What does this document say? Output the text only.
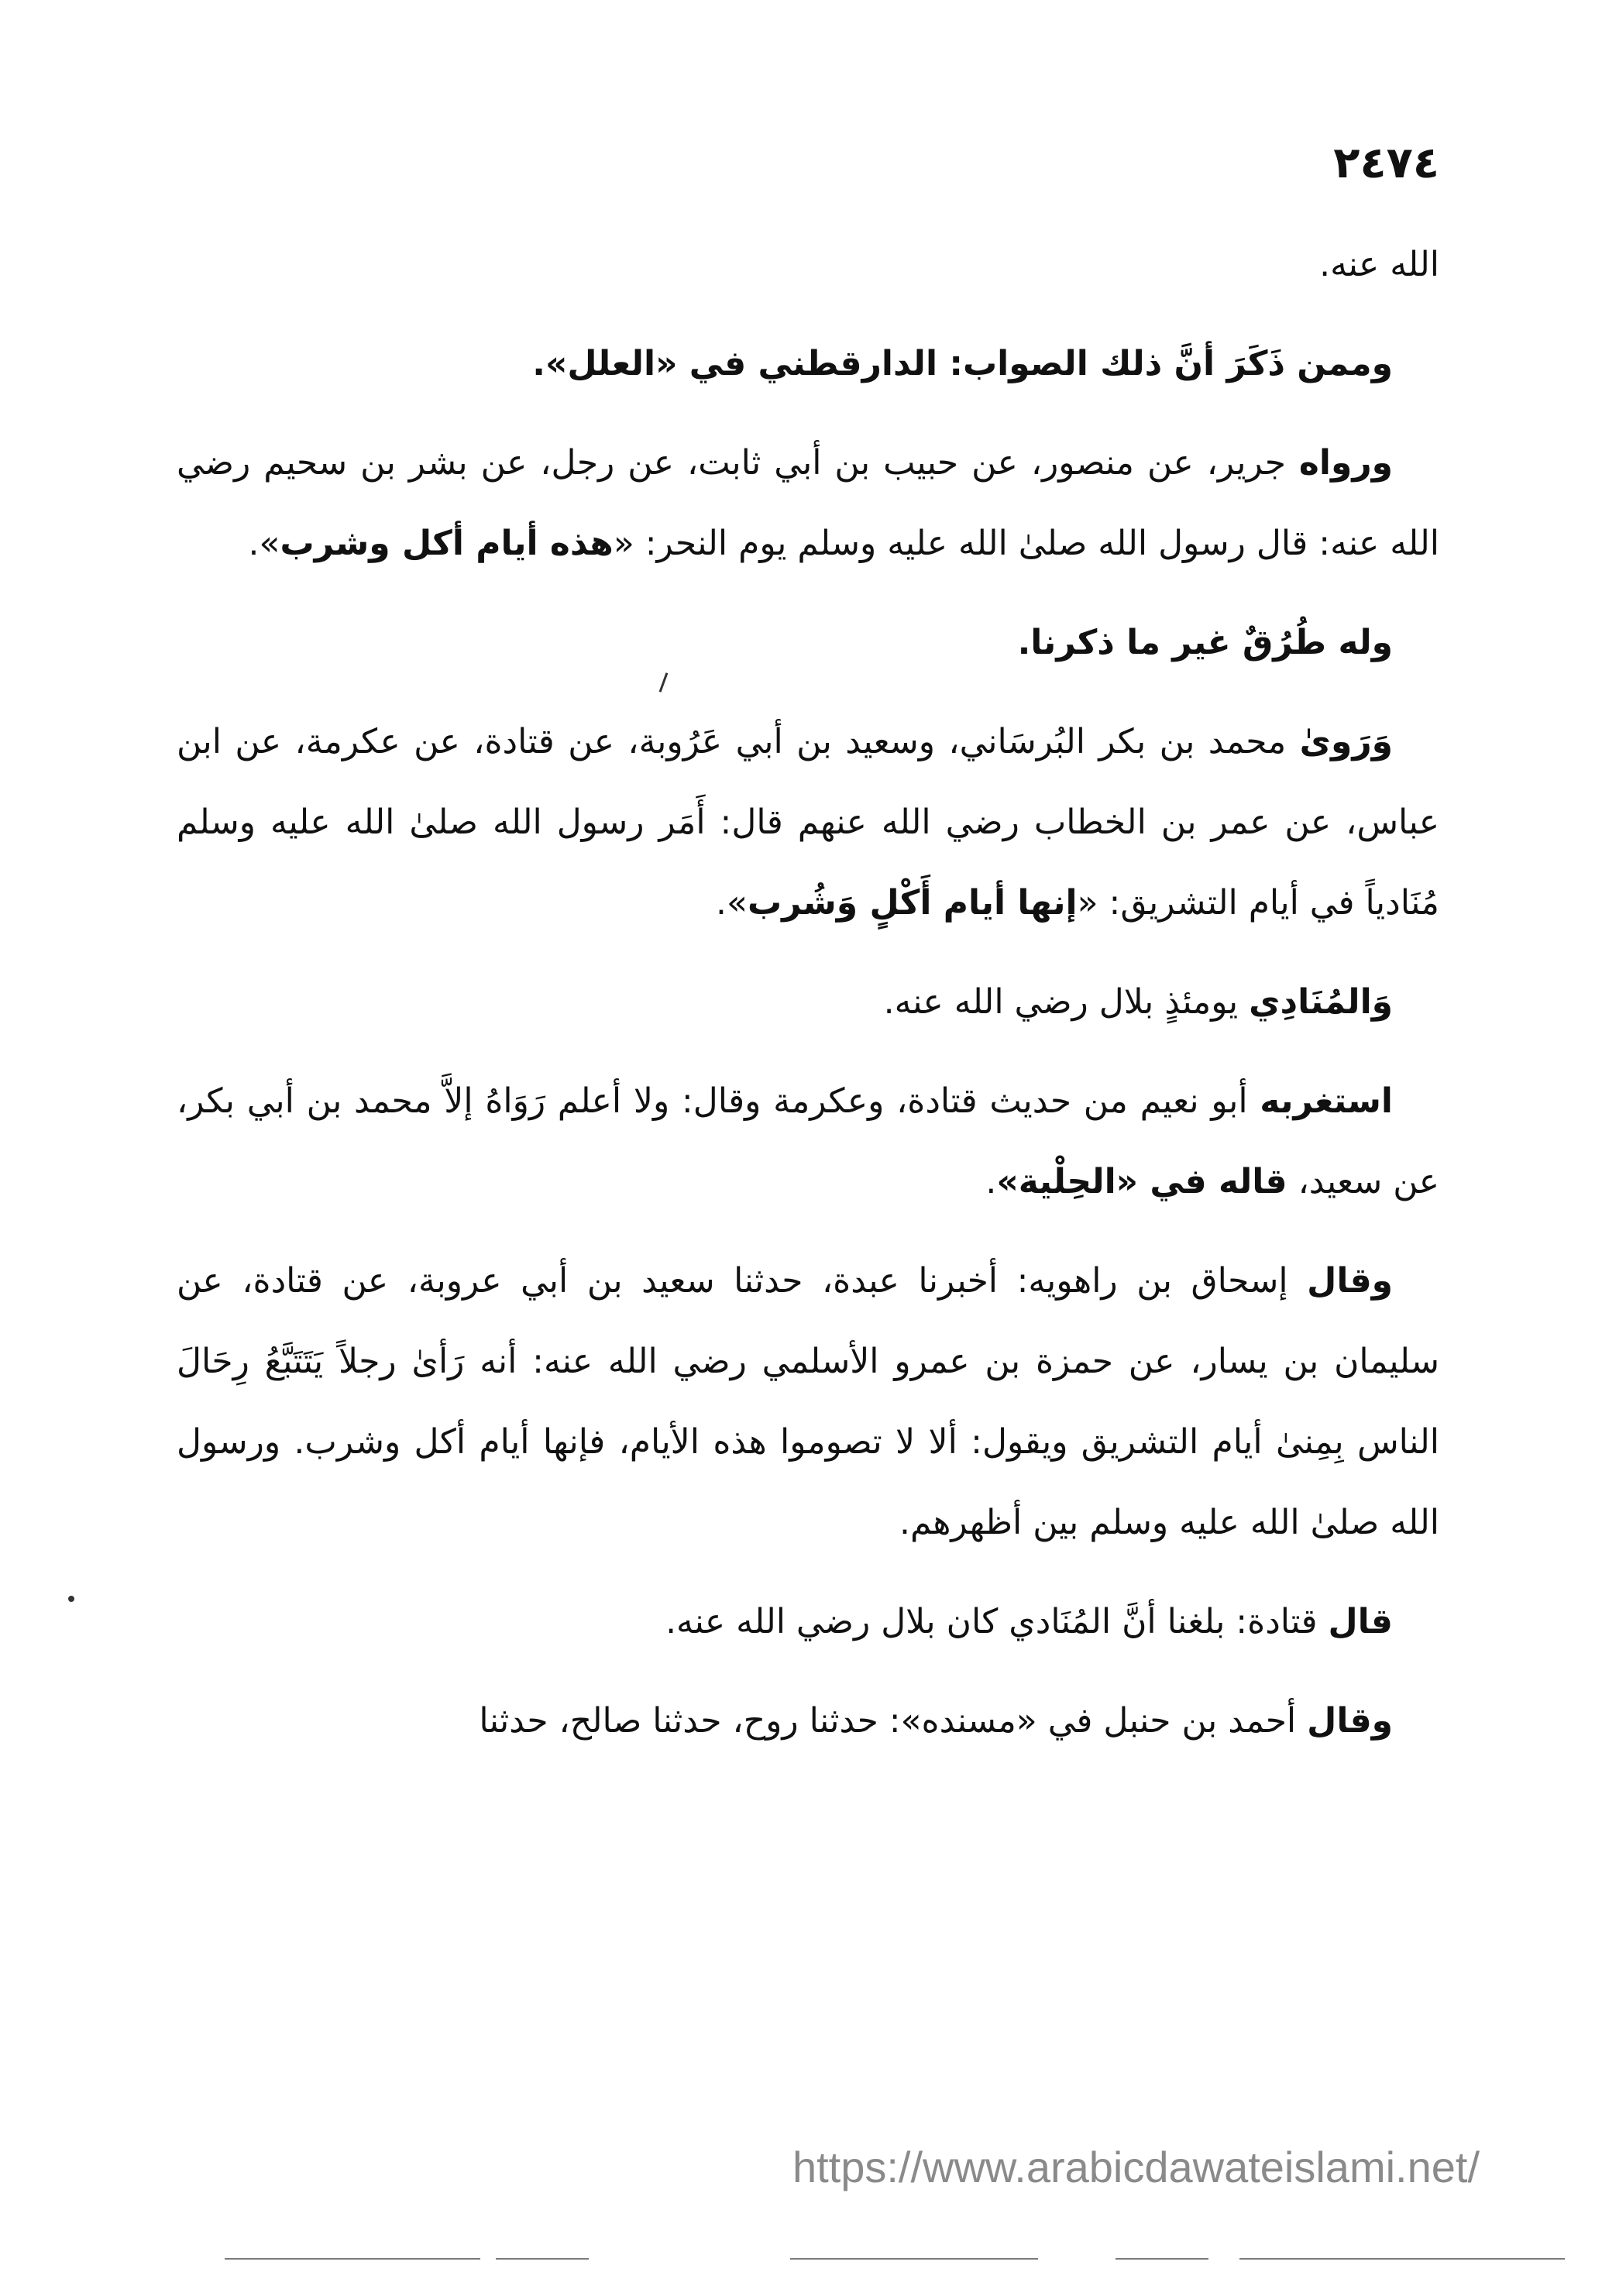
٢٤٧٤

الله عنه.

وممن ذَكَرَ أنَّ ذلك الصواب: الدارقطني في «العلل».

ورواه جرير، عن منصور، عن حبيب بن أبي ثابت، عن رجل، عن بشر بن سحيم رضي الله عنه: قال رسول الله صلىٰ الله عليه وسلم يوم النحر: «هذه أيام أكل وشرب».

وله طُرُقٌ غير ما ذكرنا.

وَرَوىٰ محمد بن بكر البُرسَاني، وسعيد بن أبي عَرُوبة، عن قتادة، عن عكرمة، عن ابن عباس، عن عمر بن الخطاب رضي الله عنهم قال: أَمَر رسول الله صلىٰ الله عليه وسلم مُنَادياً في أيام التشريق: «إنها أيام أَكْلٍ وَشُرب».

وَالمُنَادِي يومئذٍ بلال رضي الله عنه.

استغربه أبو نعيم من حديث قتادة، وعكرمة وقال: ولا أعلم رَوَاهُ إلاَّ محمد بن أبي بكر، عن سعيد، قاله في «الحِلْية».

وقال إسحاق بن راهويه: أخبرنا عبدة، حدثنا سعيد بن أبي عروبة، عن قتادة، عن سليمان بن يسار، عن حمزة بن عمرو الأسلمي رضي الله عنه: أنه رَأىٰ رجلاً يَتَتَبَّعُ رِحَالَ الناس بِمِنىٰ أيام التشريق ويقول: ألا لا تصوموا هذه الأيام، فإنها أيام أكل وشرب. ورسول الله صلىٰ الله عليه وسلم بين أظهرهم.

قال قتادة: بلغنا أنَّ المُنَادي كان بلال رضي الله عنه.

وقال أحمد بن حنبل في «مسنده»: حدثنا روح، حدثنا صالح، حدثنا

https://www.arabicdawateislami.net/
